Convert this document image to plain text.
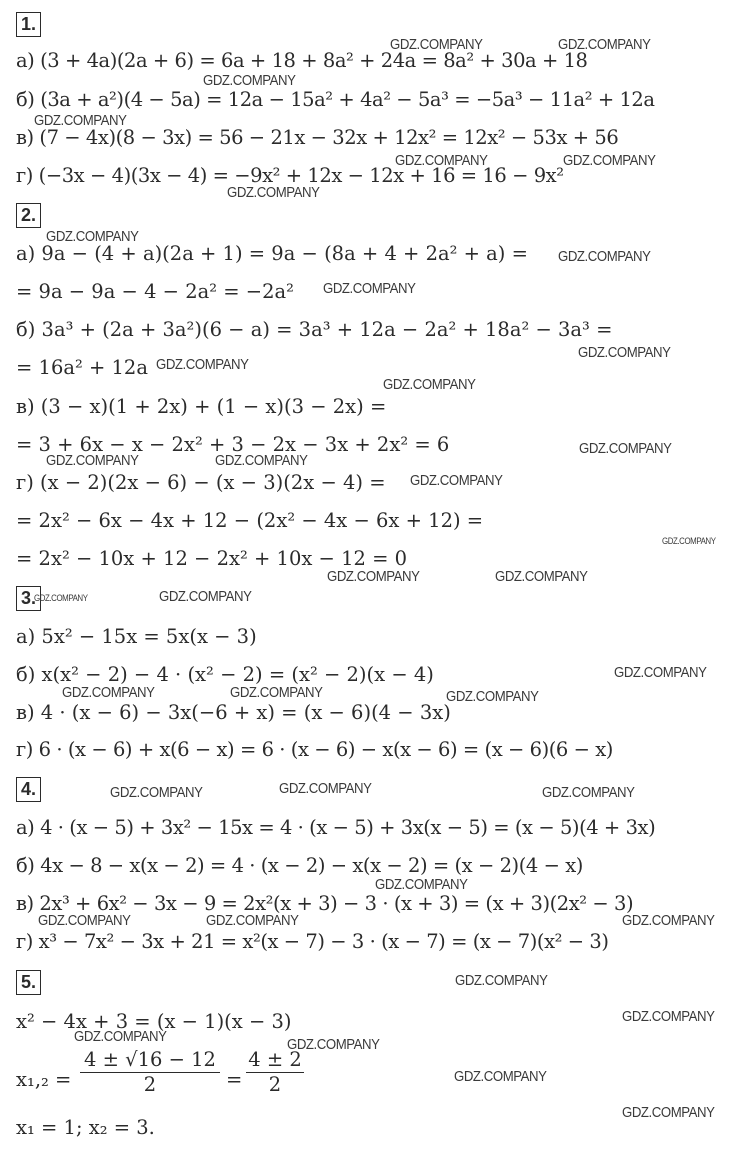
1.
а) (3 + 4a)(2a + 6) = 6a + 18 + 8a² + 24a = 8a² + 30a + 18
б) (3a + a²)(4 − 5a) = 12a − 15a² + 4a² − 5a³ = −5a³ − 11a² + 12a
в) (7 − 4x)(8 − 3x) = 56 − 21x − 32x + 12x² = 12x² − 53x + 56
г) (−3x − 4)(3x − 4) = −9x² + 12x − 12x + 16 = 16 − 9x²
2.
а) 9a − (4 + a)(2a + 1) = 9a − (8a + 4 + 2a² + a) =
= 9a − 9a − 4 − 2a² = −2a²
б) 3a³ + (2a + 3a²)(6 − a) = 3a³ + 12a − 2a² + 18a² − 3a³ =
= 16a² + 12a
в) (3 − x)(1 + 2x) + (1 − x)(3 − 2x) =
= 3 + 6x − x − 2x² + 3 − 2x − 3x + 2x² = 6
г) (x − 2)(2x − 6) − (x − 3)(2x − 4) =
= 2x² − 6x − 4x + 12 − (2x² − 4x − 6x + 12) =
= 2x² − 10x + 12 − 2x² + 10x − 12 = 0
3.
а) 5x² − 15x = 5x(x − 3)
б) x(x² − 2) − 4 · (x² − 2) = (x² − 2)(x − 4)
в) 4 · (x − 6) − 3x(−6 + x) = (x − 6)(4 − 3x)
г) 6 · (x − 6) + x(6 − x) = 6 · (x − 6) − x(x − 6) = (x − 6)(6 − x)
4.
а) 4 · (x − 5) + 3x² − 15x = 4 · (x − 5) + 3x(x − 5) = (x − 5)(4 + 3x)
б) 4x − 8 − x(x − 2) = 4 · (x − 2) − x(x − 2) = (x − 2)(4 − x)
в) 2x³ + 6x² − 3x − 9 = 2x²(x + 3) − 3 · (x + 3) = (x + 3)(2x² − 3)
г) x³ − 7x² − 3x + 21 = x²(x − 7) − 3 · (x − 7) = (x − 7)(x² − 3)
5.
x² − 4x + 3 = (x − 1)(x − 3)
x₁,₂ =
4 ± √16 − 12
2	=
4 ± 2
2
x₁ = 1; x₂ = 3.
GDZ.COMPANY	GDZ.COMPANY
GDZ.COMPANY
GDZ.COMPANY
GDZ.COMPANY	GDZ.COMPANY
GDZ.COMPANY
GDZ.COMPANY
GDZ.COMPANY
GDZ.COMPANY
GDZ.COMPANY
GDZ.COMPANY
GDZ.COMPANY
GDZ.COMPANY
GDZ.COMPANY	GDZ.COMPANY
GDZ.COMPANY
GDZ.COMPANY
GDZ.COMPANY	GDZ.COMPANY
GDZ.COMPANY	GDZ.COMPANY
GDZ.COMPANY
GDZ.COMPANY	GDZ.COMPANY	GDZ.COMPANY
GDZ.COMPANY
GDZ.COMPANY	GDZ.COMPANY
GDZ.COMPANY
GDZ.COMPANY	GDZ.COMPANY	GDZ.COMPANY
GDZ.COMPANY
GDZ.COMPANY
GDZ.COMPANY	GDZ.COMPANY
GDZ.COMPANY
GDZ.COMPANY
